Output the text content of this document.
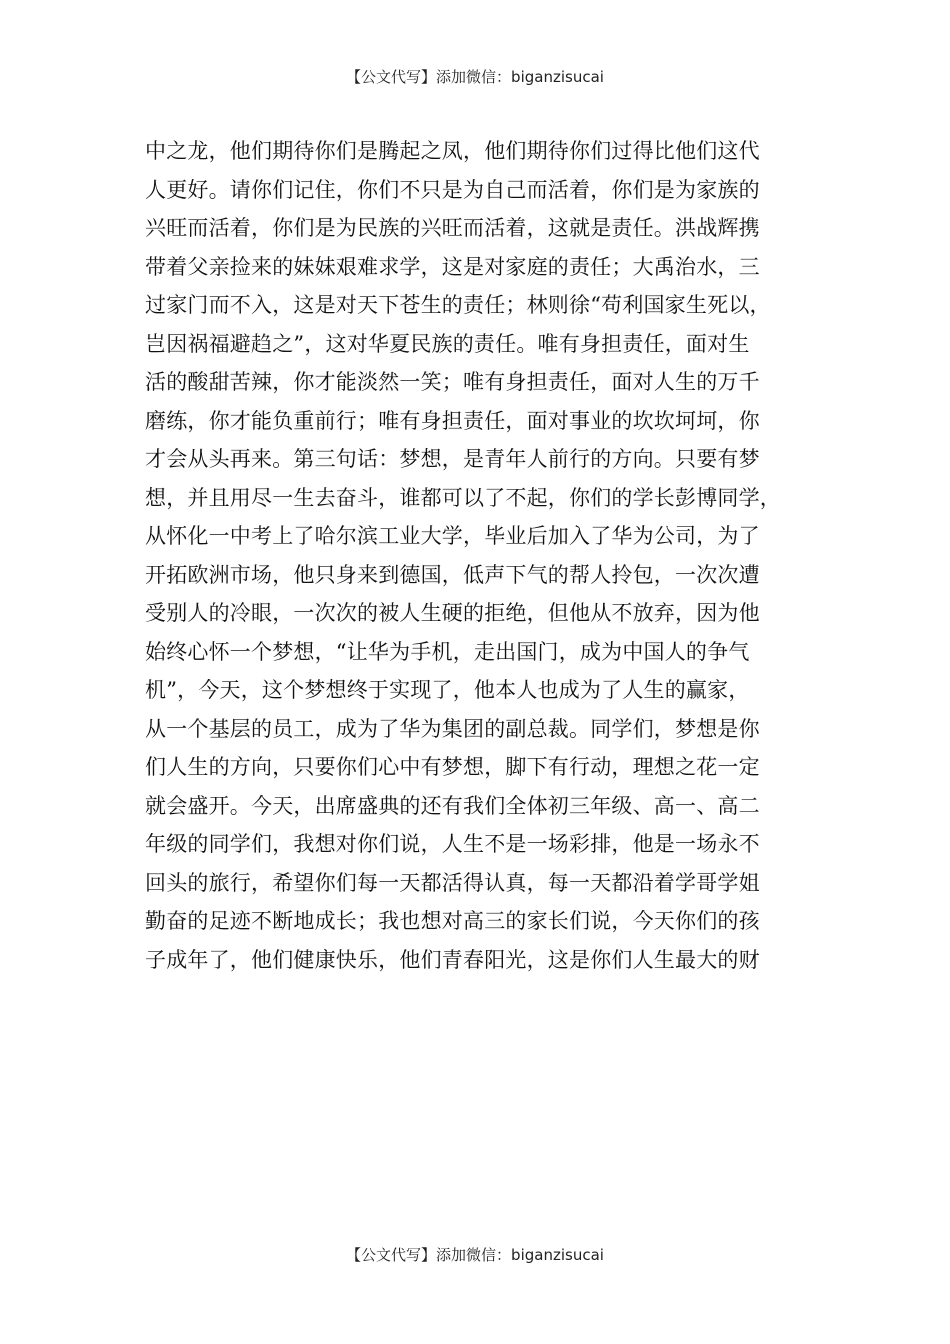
【公文代写】添加微信：biganzisucai
中之龙，他们期待你们是腾起之凤，他们期待你们过得比他们这代
人更好。请你们记住，你们不只是为自己而活着，你们是为家族的
兴旺而活着，你们是为民族的兴旺而活着，这就是责任。洪战辉携
带着父亲捡来的妹妹艰难求学，这是对家庭的责任；大禹治水，三
过家门而不入，这是对天下苍生的责任；林则徐“苟利国家生死以，
岂因祸福避趋之”，这对华夏民族的责任。唯有身担责任，面对生
活的酸甜苦辣，你才能淡然一笑；唯有身担责任，面对人生的万千
磨练，你才能负重前行；唯有身担责任，面对事业的坎坎坷坷，你
才会从头再来。第三句话：梦想，是青年人前行的方向。只要有梦
想，并且用尽一生去奋斗，谁都可以了不起，你们的学长彭博同学，
从怀化一中考上了哈尔滨工业大学，毕业后加入了华为公司，为了
开拓欧洲市场，他只身来到德国，低声下气的帮人拎包，一次次遭
受别人的冷眼，一次次的被人生硬的拒绝，但他从不放弃，因为他
始终心怀一个梦想，“让华为手机，走出国门，成为中国人的争气
机”，今天，这个梦想终于实现了，他本人也成为了人生的赢家，
从一个基层的员工，成为了华为集团的副总裁。同学们，梦想是你
们人生的方向，只要你们心中有梦想，脚下有行动，理想之花一定
就会盛开。今天，出席盛典的还有我们全体初三年级、高一、高二
年级的同学们，我想对你们说，人生不是一场彩排，他是一场永不
回头的旅行，希望你们每一天都活得认真，每一天都沿着学哥学姐
勤奋的足迹不断地成长；我也想对高三的家长们说，今天你们的孩
子成年了，他们健康快乐，他们青春阳光，这是你们人生最大的财
【公文代写】添加微信：biganzisucai
